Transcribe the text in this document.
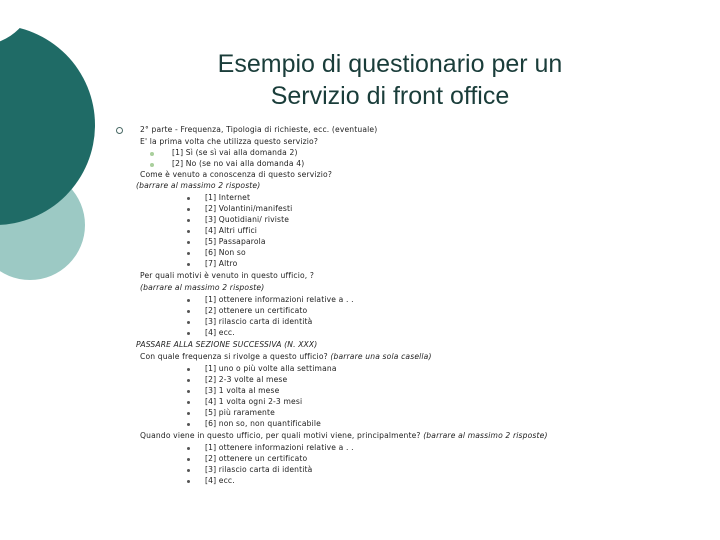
Esempio di questionario per un
Servizio di front office
2° parte - Frequenza, Tipologia di richieste, ecc. (eventuale)
E' la prima volta che utilizza questo servizio?
[1] Sì (se sì vai alla domanda 2)
[2] No (se no vai alla domanda 4)
Come è venuto a conoscenza di questo servizio?
(barrare al massimo 2 risposte)
[1] Internet
[2] Volantini/manifesti
[3] Quotidiani/ riviste
[4] Altri uffici
[5] Passaparola
[6] Non so
[7] Altro
Per quali motivi è venuto in questo ufficio, ?
(barrare al massimo 2 risposte)
[1] ottenere informazioni relative a . .
[2] ottenere un certificato
[3] rilascio carta di identità
[4] ecc.
PASSARE ALLA SEZIONE SUCCESSIVA (N. XXX)
Con quale frequenza si rivolge a questo ufficio? (barrare una sola casella)
[1] uno o più volte alla settimana
[2] 2-3 volte al mese
[3] 1 volta al mese
[4] 1 volta ogni 2-3 mesi
[5] più raramente
[6] non so, non quantificabile
Quando viene in questo ufficio, per quali motivi viene, principalmente? (barrare al massimo 2 risposte)
[1] ottenere informazioni relative a . .
[2] ottenere un certificato
[3] rilascio carta di identità
[4] ecc.
